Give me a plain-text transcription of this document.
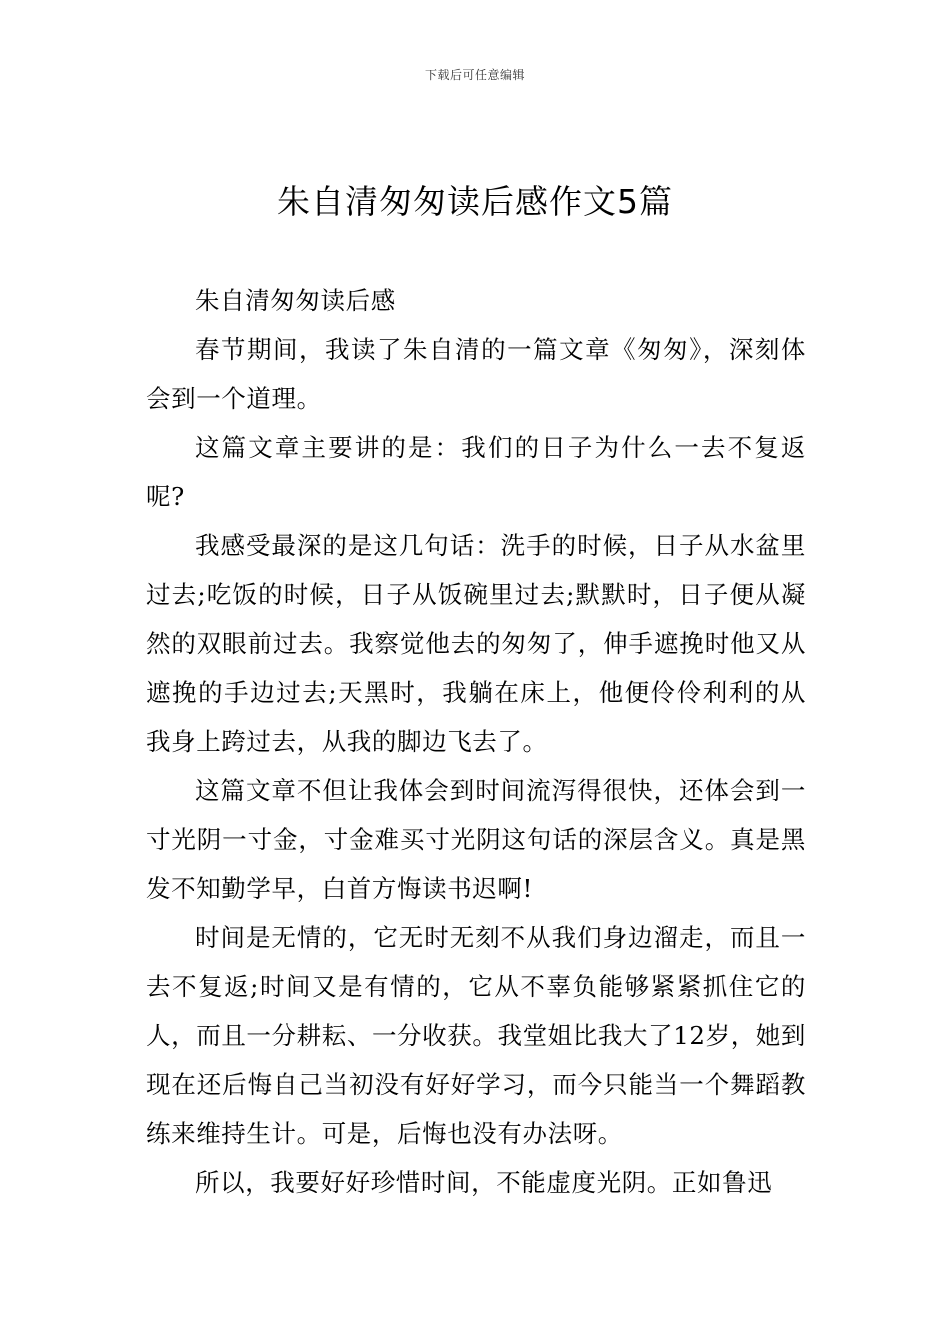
下载后可任意编辑
朱自清匆匆读后感作文5篇

朱自清匆匆读后感

春节期间，我读了朱自清的一篇文章《匆匆》，深刻体会到一个道理。

这篇文章主要讲的是：我们的日子为什么一去不复返呢?

我感受最深的是这几句话：洗手的时候，日子从水盆里过去;吃饭的时候，日子从饭碗里过去;默默时，日子便从凝然的双眼前过去。我察觉他去的匆匆了，伸手遮挽时他又从遮挽的手边过去;天黑时，我躺在床上，他便伶伶利利的从我身上跨过去，从我的脚边飞去了。

这篇文章不但让我体会到时间流泻得很快，还体会到一寸光阴一寸金，寸金难买寸光阴这句话的深层含义。真是黑发不知勤学早，白首方悔读书迟啊!

时间是无情的，它无时无刻不从我们身边溜走，而且一去不复返;时间又是有情的，它从不辜负能够紧紧抓住它的人，而且一分耕耘、一分收获。我堂姐比我大了12岁，她到现在还后悔自己当初没有好好学习，而今只能当一个舞蹈教练来维持生计。可是，后悔也没有办法呀。

所以，我要好好珍惜时间，不能虚度光阴。正如鲁迅
